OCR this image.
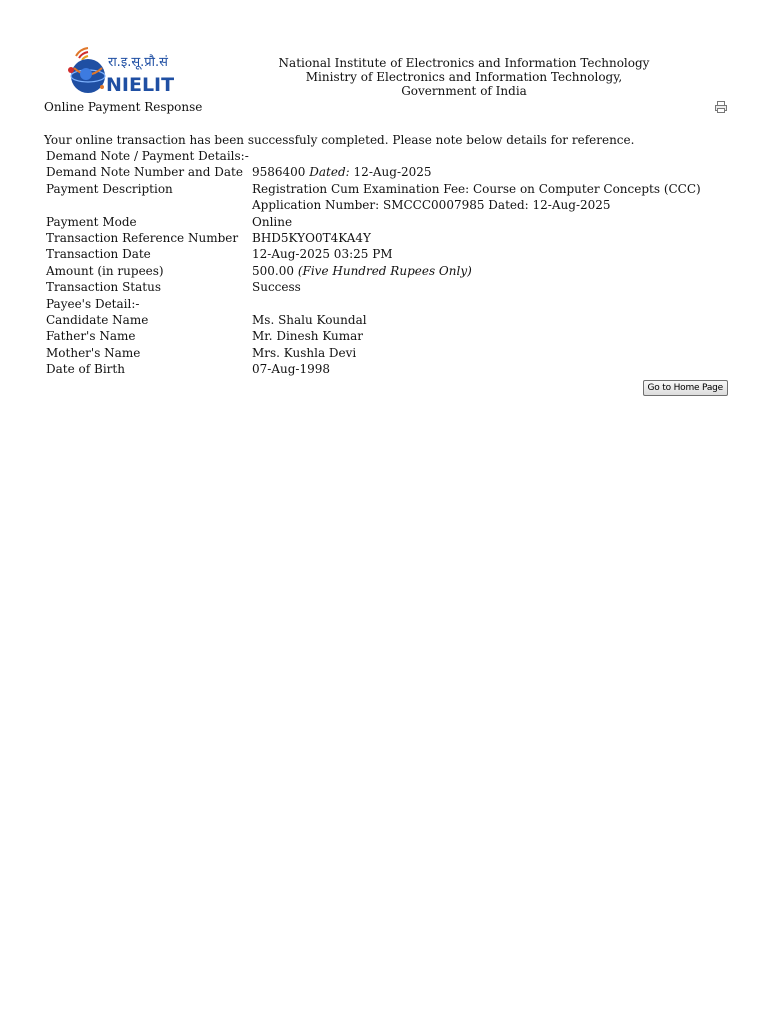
रा.इ.सू.प्रौ.सं
NIELIT
National Institute of Electronics and Information Technology
Ministry of Electronics and Information Technology, Government of India
Online Payment Response
Your online transaction has been successfuly completed. Please note below details for reference.
Demand Note / Payment Details:-	
Demand Note Number and Date	9586400 Dated: 12-Aug-2025
Payment Description	Registration Cum Examination Fee: Course on Computer Concepts (CCC)
Application Number: SMCCC0007985 Dated: 12-Aug-2025

Payment Mode	Online
Transaction Reference Number	BHD5KYO0T4KA4Y
Transaction Date	12-Aug-2025 03:25 PM
Amount (in rupees)	500.00 (Five Hundred Rupees Only)
Transaction Status	Success
Payee's Detail:-	
Candidate Name	Ms. Shalu Koundal
Father's Name	Mr. Dinesh Kumar
Mother's Name	Mrs. Kushla Devi
Date of Birth	07-Aug-1998
Go to Home Page
